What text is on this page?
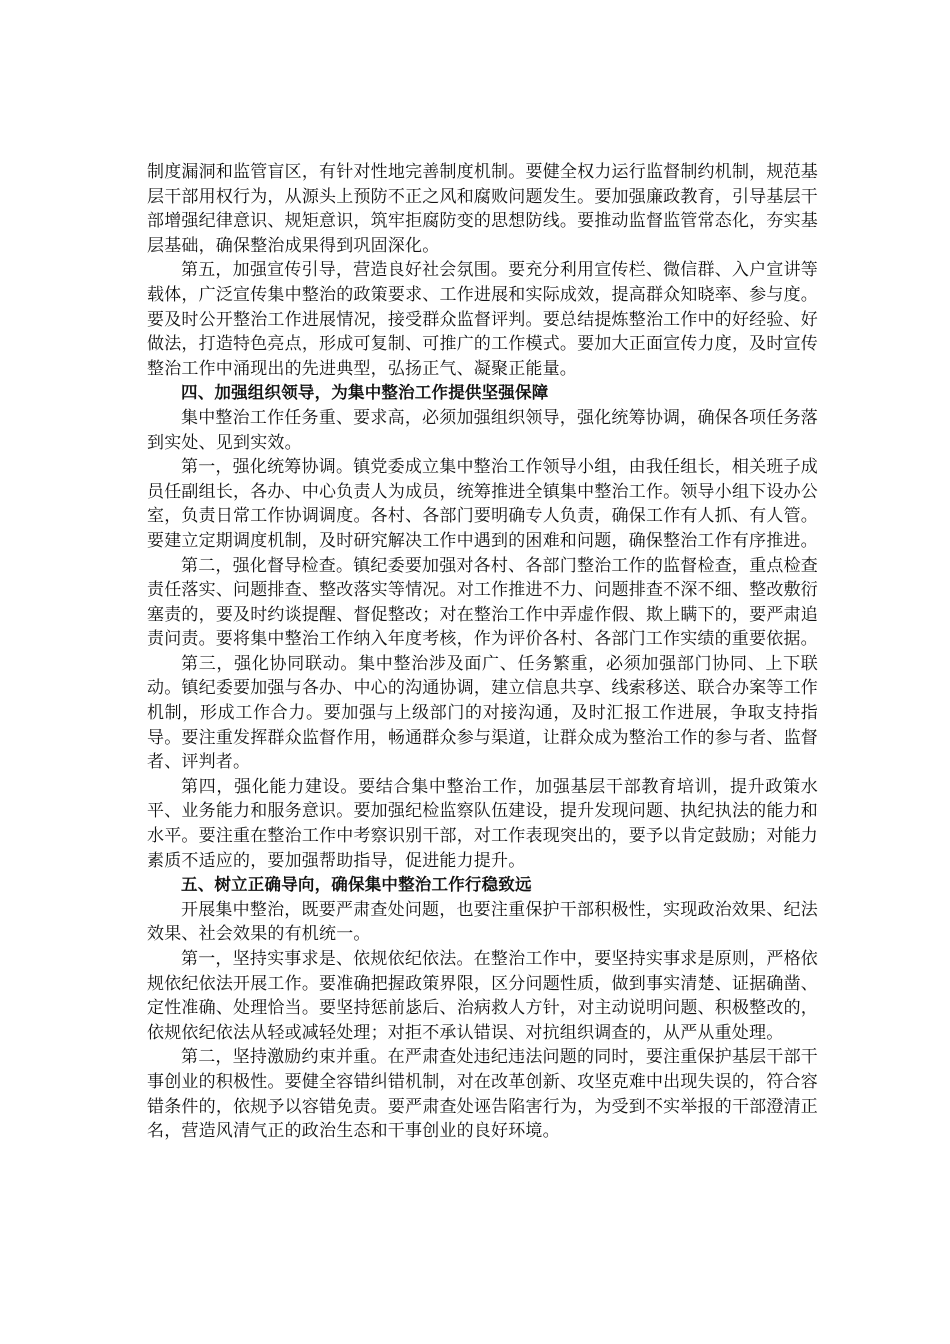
制度漏洞和监管盲区，有针对性地完善制度机制。要健全权力运行监督制约机制，规范基层干部用权行为，从源头上预防不正之风和腐败问题发生。要加强廉政教育，引导基层干部增强纪律意识、规矩意识，筑牢拒腐防变的思想防线。要推动监督监管常态化，夯实基层基础，确保整治成果得到巩固深化。

第五，加强宣传引导，营造良好社会氛围。要充分利用宣传栏、微信群、入户宣讲等载体，广泛宣传集中整治的政策要求、工作进展和实际成效，提高群众知晓率、参与度。要及时公开整治工作进展情况，接受群众监督评判。要总结提炼整治工作中的好经验、好做法，打造特色亮点，形成可复制、可推广的工作模式。要加大正面宣传力度，及时宣传整治工作中涌现出的先进典型，弘扬正气、凝聚正能量。

四、加强组织领导，为集中整治工作提供坚强保障

集中整治工作任务重、要求高，必须加强组织领导，强化统筹协调，确保各项任务落到实处、见到实效。

第一，强化统筹协调。镇党委成立集中整治工作领导小组，由我任组长，相关班子成员任副组长，各办、中心负责人为成员，统筹推进全镇集中整治工作。领导小组下设办公室，负责日常工作协调调度。各村、各部门要明确专人负责，确保工作有人抓、有人管。要建立定期调度机制，及时研究解决工作中遇到的困难和问题，确保整治工作有序推进。

第二，强化督导检查。镇纪委要加强对各村、各部门整治工作的监督检查，重点检查责任落实、问题排查、整改落实等情况。对工作推进不力、问题排查不深不细、整改敷衍塞责的，要及时约谈提醒、督促整改；对在整治工作中弄虚作假、欺上瞒下的，要严肃追责问责。要将集中整治工作纳入年度考核，作为评价各村、各部门工作实绩的重要依据。

第三，强化协同联动。集中整治涉及面广、任务繁重，必须加强部门协同、上下联动。镇纪委要加强与各办、中心的沟通协调，建立信息共享、线索移送、联合办案等工作机制，形成工作合力。要加强与上级部门的对接沟通，及时汇报工作进展，争取支持指导。要注重发挥群众监督作用，畅通群众参与渠道，让群众成为整治工作的参与者、监督者、评判者。

第四，强化能力建设。要结合集中整治工作，加强基层干部教育培训，提升政策水平、业务能力和服务意识。要加强纪检监察队伍建设，提升发现问题、执纪执法的能力和水平。要注重在整治工作中考察识别干部，对工作表现突出的，要予以肯定鼓励；对能力素质不适应的，要加强帮助指导，促进能力提升。

五、树立正确导向，确保集中整治工作行稳致远

开展集中整治，既要严肃查处问题，也要注重保护干部积极性，实现政治效果、纪法效果、社会效果的有机统一。

第一，坚持实事求是、依规依纪依法。在整治工作中，要坚持实事求是原则，严格依规依纪依法开展工作。要准确把握政策界限，区分问题性质，做到事实清楚、证据确凿、定性准确、处理恰当。要坚持惩前毖后、治病救人方针，对主动说明问题、积极整改的，依规依纪依法从轻或减轻处理；对拒不承认错误、对抗组织调查的，从严从重处理。

第二，坚持激励约束并重。在严肃查处违纪违法问题的同时，要注重保护基层干部干事创业的积极性。要健全容错纠错机制，对在改革创新、攻坚克难中出现失误的，符合容错条件的，依规予以容错免责。要严肃查处诬告陷害行为，为受到不实举报的干部澄清正名，营造风清气正的政治生态和干事创业的良好环境。
